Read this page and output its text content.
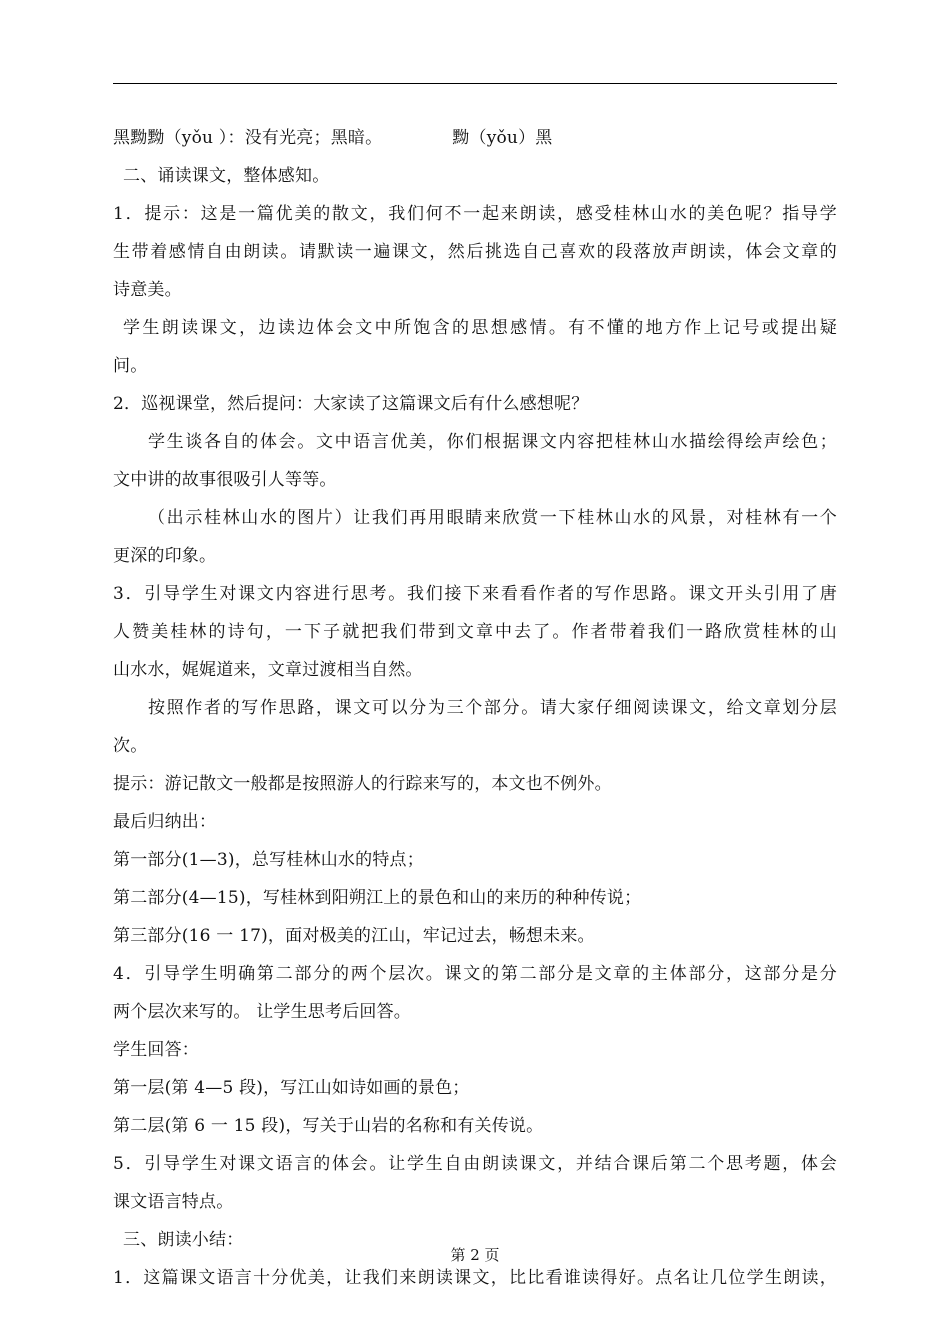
黑黝黝（yǒu ）：没有光亮；黑暗。	黝（yǒu）黑
二、诵读课文，整体感知。
1．提示：这是一篇优美的散文，我们何不一起来朗读，感受桂林山水的美色呢？指导学
生带着感情自由朗读。请默读一遍课文，然后挑选自己喜欢的段落放声朗读，体会文章的
诗意美。
学生朗读课文，边读边体会文中所饱含的思想感情。有不懂的地方作上记号或提出疑
问。
2．巡视课堂，然后提问：大家读了这篇课文后有什么感想呢？
学生谈各自的体会。文中语言优美，你们根据课文内容把桂林山水描绘得绘声绘色；
文中讲的故事很吸引人等等。
（出示桂林山水的图片）让我们再用眼睛来欣赏一下桂林山水的风景，对桂林有一个
更深的印象。
3．引导学生对课文内容进行思考。我们接下来看看作者的写作思路。课文开头引用了唐
人赞美桂林的诗句，一下子就把我们带到文章中去了。作者带着我们一路欣赏桂林的山
山水水，娓娓道来，文章过渡相当自然。
按照作者的写作思路，课文可以分为三个部分。请大家仔细阅读课文，给文章划分层
次。
提示：游记散文一般都是按照游人的行踪来写的，本文也不例外。
最后归纳出：
第一部分(1—3)，总写桂林山水的特点；
第二部分(4—15)，写桂林到阳朔江上的景色和山的来历的种种传说；
第三部分(16 一 17)，面对极美的江山，牢记过去，畅想未来。
4．引导学生明确第二部分的两个层次。课文的第二部分是文章的主体部分，这部分是分
两个层次来写的。 让学生思考后回答。
学生回答：
第一层(第 4—5 段)，写江山如诗如画的景色；
第二层(第 6 一 15 段)，写关于山岩的名称和有关传说。
5．引导学生对课文语言的体会。让学生自由朗读课文，并结合课后第二个思考题，体会
课文语言特点。
三、朗读小结：
1．这篇课文语言十分优美，让我们来朗读课文，比比看谁读得好。点名让几位学生朗读，
第 2 页
